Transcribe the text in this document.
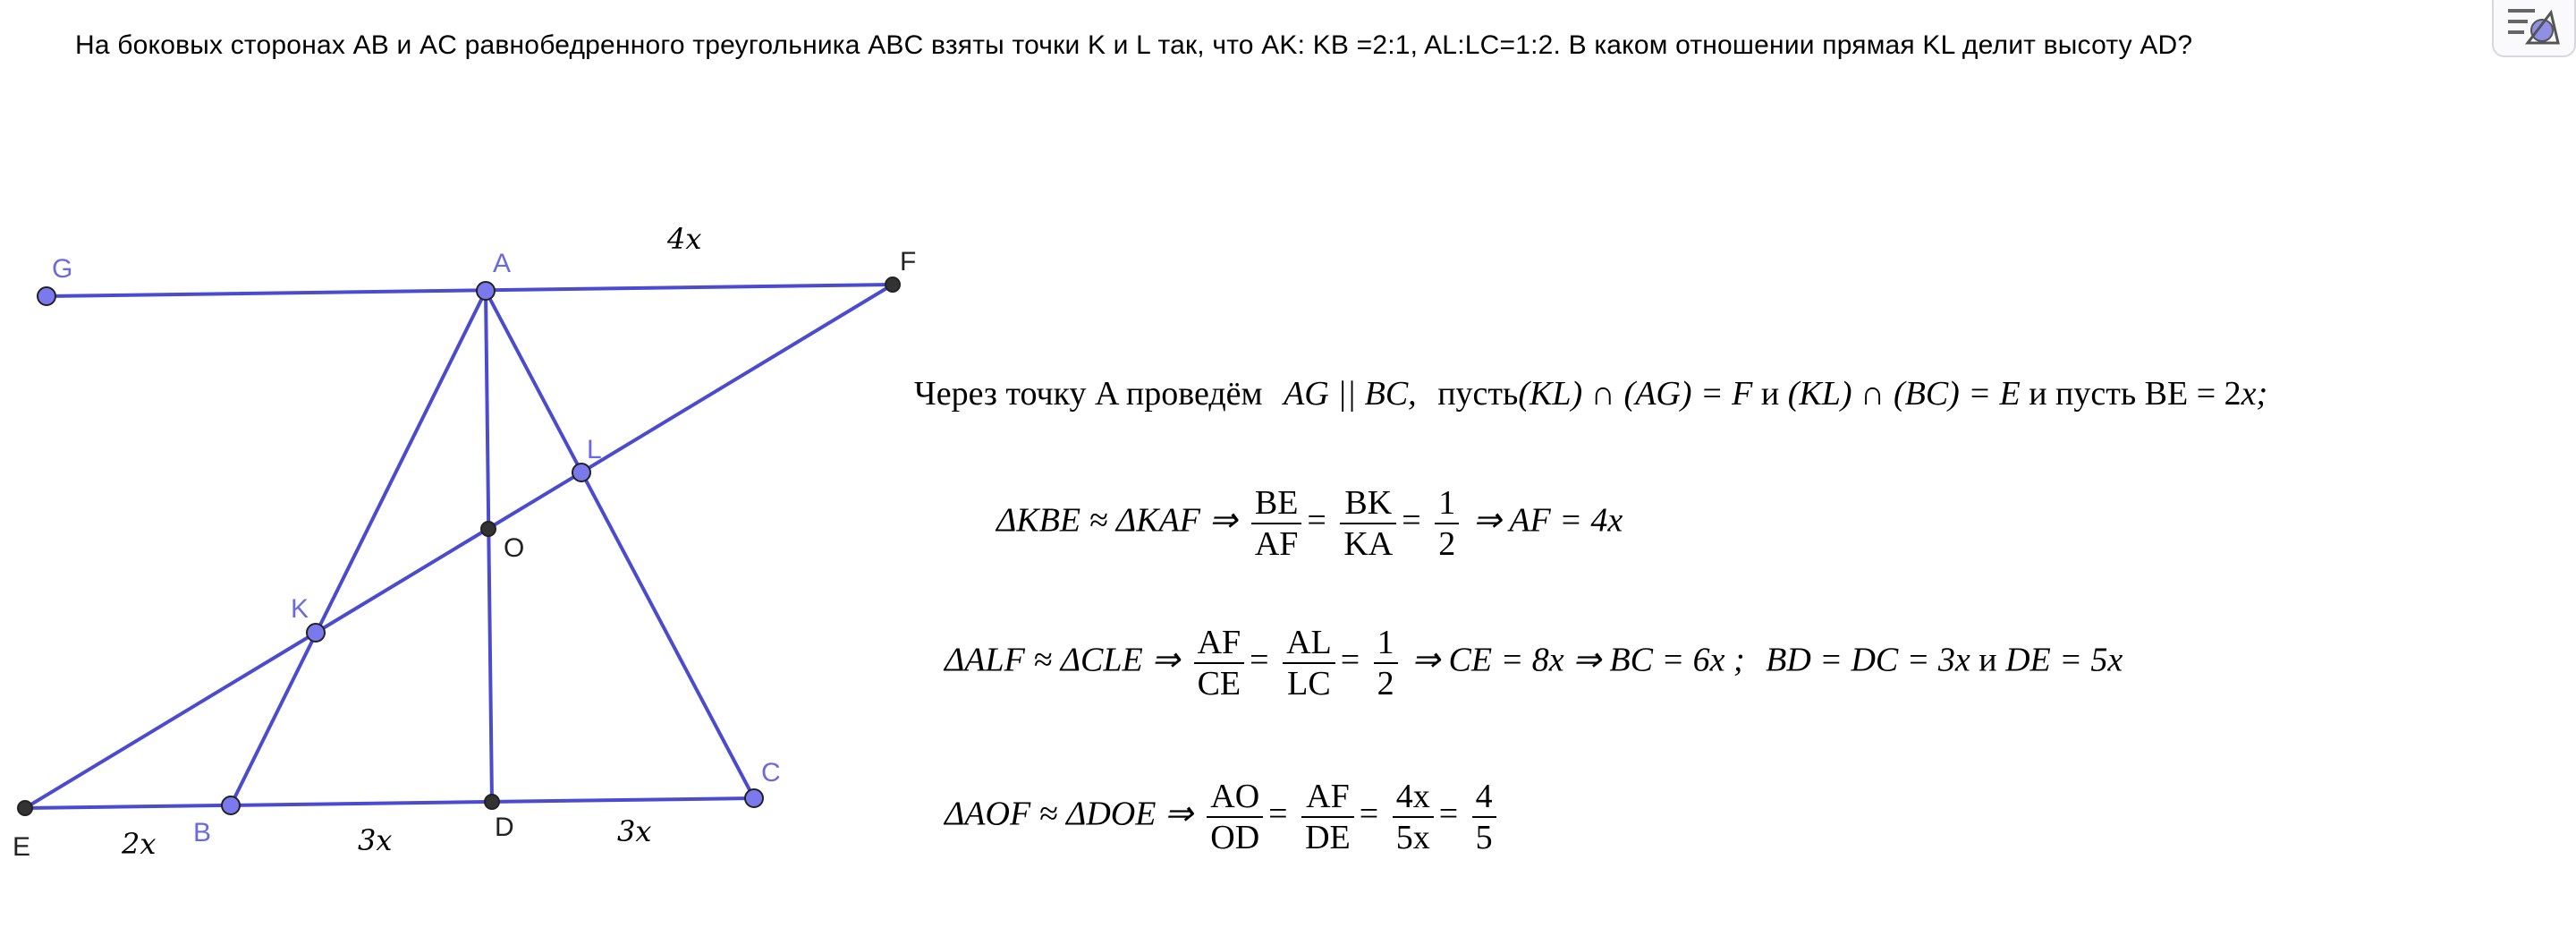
На боковых сторонах AB и AC равнобедренного треугольника ABC взяты точки K и L так, что AK: KB =2:1, AL:LC=1:2. В каком отношении прямая KL делит высоту AD?
G	A	F
L
O
K
C
E	B	D
4x
2x	3x	3x
Через точку A проведём AG || BC, пусть(KL) ∩ (AG) = F и (KL) ∩ (BC) = E и пусть BE = 2x;
ΔKBE ≈ ΔKAF ⇒ $\frac{BE}{AF} = \frac{BK}{KA} = \frac{1}{2}$ ⇒ AF = 4x
ΔALF ≈ ΔCLE ⇒ $\frac{AF}{CE} = \frac{AL}{LC} = \frac{1}{2}$ ⇒ CE = 8x ⇒ BC = 6x ; BD = DC = 3x и DE = 5x
ΔAOF ≈ ΔDOE ⇒ $\frac{AO}{OD} = \frac{AF}{DE} = \frac{4x}{5x} = \frac{4}{5}$
